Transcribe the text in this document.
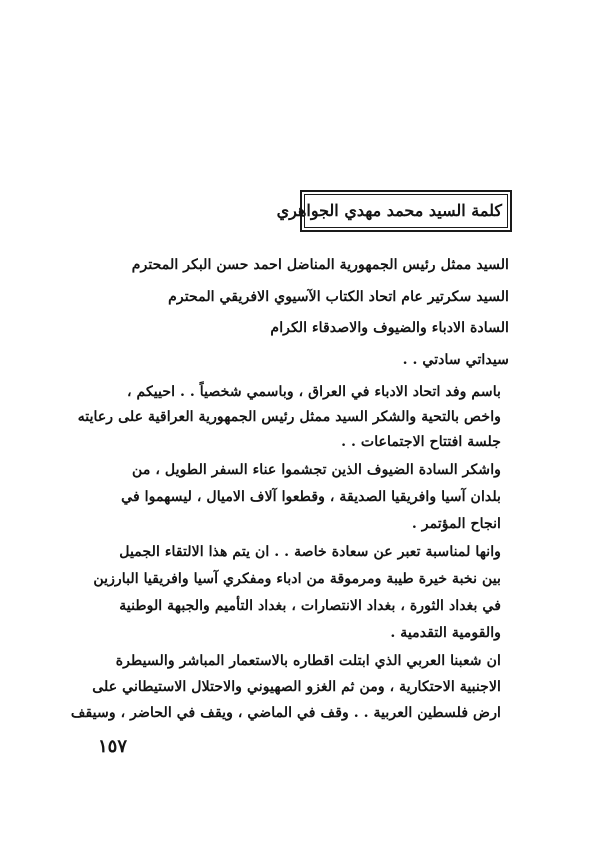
كلمة السيد محمد مهدي الجواهري
السيد ممثل رئيس الجمهورية المناضل احمد حسن البكر المحترم
السيد سكرتير عام اتحاد الكتاب الآسيوي الافريقي المحترم
السادة الادباء والضيوف والاصدقاء الكرام
سيداتي سادتي . .
باسم وفد اتحاد الادباء في العراق ، وباسمي شخصياً . . احييكم ،
واخص بالتحية والشكر السيد ممثل رئيس الجمهورية العراقية على رعايته
جلسة افتتاح الاجتماعات . .
واشكر السادة الضيوف الذين تجشموا عناء السفر الطويل ، من
بلدان آسيا وافريقيا الصديقة ، وقطعوا آلاف الاميال ، ليسهموا في
انجاح المؤتمر .
وانها لمناسبة تعبر عن سعادة خاصة . . ان يتم هذا الالتقاء الجميل
بين نخبة خيرة طيبة ومرموقة من ادباء ومفكري آسيا وافريقيا البارزين
في بغداد الثورة ، بغداد الانتصارات ، بغداد التأميم والجبهة الوطنية
والقومية التقدمية .
ان شعبنا العربي الذي ابتلت اقطاره بالاستعمار المباشر والسيطرة
الاجنبية الاحتكارية ، ومن ثم الغزو الصهيوني والاحتلال الاستيطاني على
ارض فلسطين العربية . . وقف في الماضي ، ويقف في الحاضر ، وسيقف
١٥٧
